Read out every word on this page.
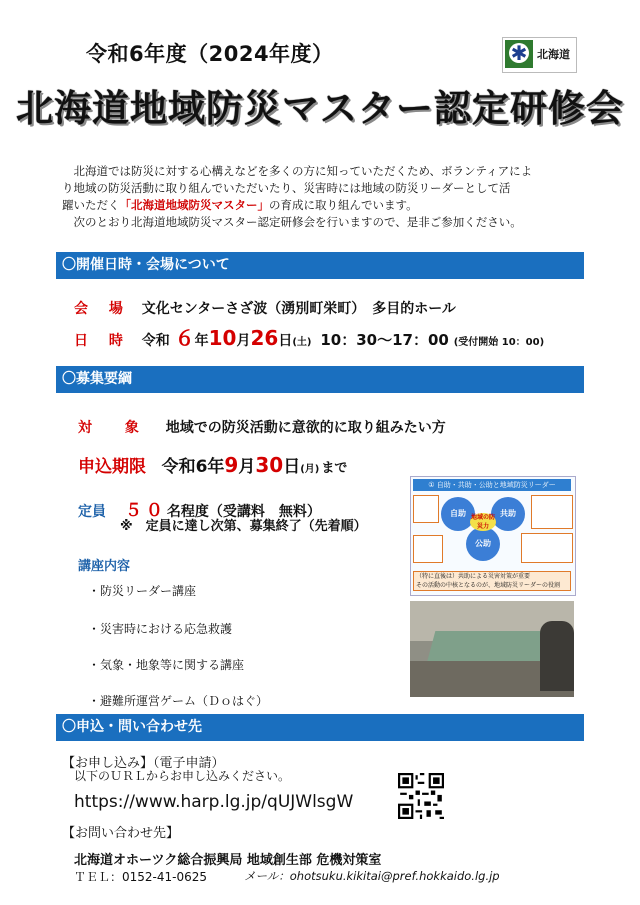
令和6年度（2024年度）	✱ 北海道
北海道地域防災マスター認定研修会

北海道では防災に対する心構えなどを多くの方に知っていただくため、ボランティアによ

り地域の防災活動に取り組んでいただいたり、災害時には地域の防災リーダーとして活

躍いただく「北海道地域防災マスター」の育成に取り組んでいます。

次のとおり北海道地域防災マスター認定研修会を行いますので、是非ご参加ください。

〇開催日時・会場について
会 場 文化センターさざ波（湧別町栄町）　多目的ホール
日 時 令和 ６年10月26日(土) 10：30～17：00 (受付開始 10：00)
〇募集要綱
対 象 地域での防災活動に意欲的に取り組みたい方
申込期限 令和6年9月30日(月) まで
定員 ５０名程度（受講料　無料）
※　定員に達し次第、募集終了（先着順）
講座内容
・防災リーダー講座
・災害時における応急救護
・気象・地象等に関する講座
・避難所運営ゲーム（Ｄｏはぐ）
① 自助・共助・公助と地域防災リーダー
自助	共助
公助
地域の防災力
（特に直後は）共助による災害対策が重要
その活動の中核となるのが、地域防災リーダーの役割
〇申込・問い合わせ先
【お申し込み】（電子申請）
以下のＵＲＬからお申し込みください。
https://www.harp.lg.jp/qUJWlsgW
【お問い合わせ先】
北海道オホーツク総合振興局 地域創生部 危機対策室
ＴＥＬ：0152-41-0625	メール：ohotsuku.kikitai@pref.hokkaido.lg.jp
